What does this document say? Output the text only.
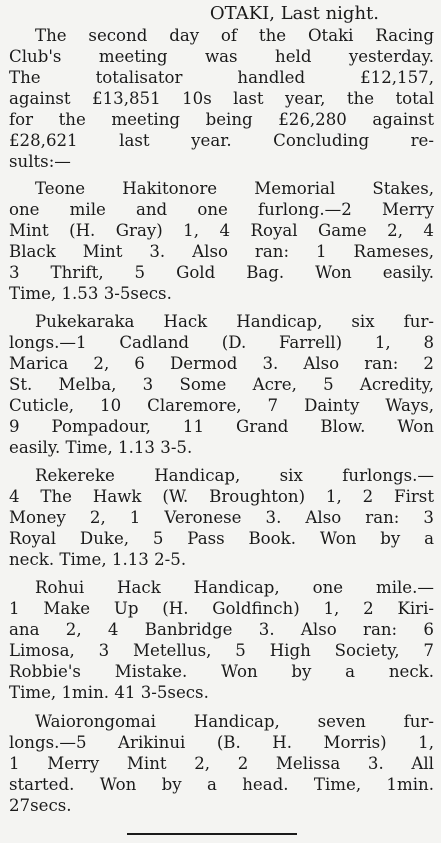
OTAKI, Last night.
The second day of the Otaki Racing
Club's meeting was held yesterday.
The totalisator handled £12,157,
against £13,851 10s last year, the total
for the meeting being £26,280 against
£28,621 last year. Concluding re-
sults:—
Teone Hakitonore Memorial Stakes,
one mile and one furlong.—2 Merry
Mint (H. Gray) 1, 4 Royal Game 2, 4
Black Mint 3. Also ran: 1 Rameses,
3 Thrift, 5 Gold Bag. Won easily.
Time, 1.53 3-5secs.
Pukekaraka Hack Handicap, six fur-
longs.—1 Cadland (D. Farrell) 1, 8
Marica 2, 6 Dermod 3. Also ran: 2
St. Melba, 3 Some Acre, 5 Acredity,
Cuticle, 10 Claremore, 7 Dainty Ways,
9 Pompadour, 11 Grand Blow. Won
easily. Time, 1.13 3-5.
Rekereke Handicap, six furlongs.—
4 The Hawk (W. Broughton) 1, 2 First
Money 2, 1 Veronese 3. Also ran: 3
Royal Duke, 5 Pass Book. Won by a
neck. Time, 1.13 2-5.
Rohui Hack Handicap, one mile.—
1 Make Up (H. Goldfinch) 1, 2 Kiri-
ana 2, 4 Banbridge 3. Also ran: 6
Limosa, 3 Metellus, 5 High Society, 7
Robbie's Mistake. Won by a neck.
Time, 1min. 41 3-5secs.
Waiorongomai Handicap, seven fur-
longs.—5 Arikinui (B. H. Morris) 1,
1 Merry Mint 2, 2 Melissa 3. All
started. Won by a head. Time, 1min.
27secs.
